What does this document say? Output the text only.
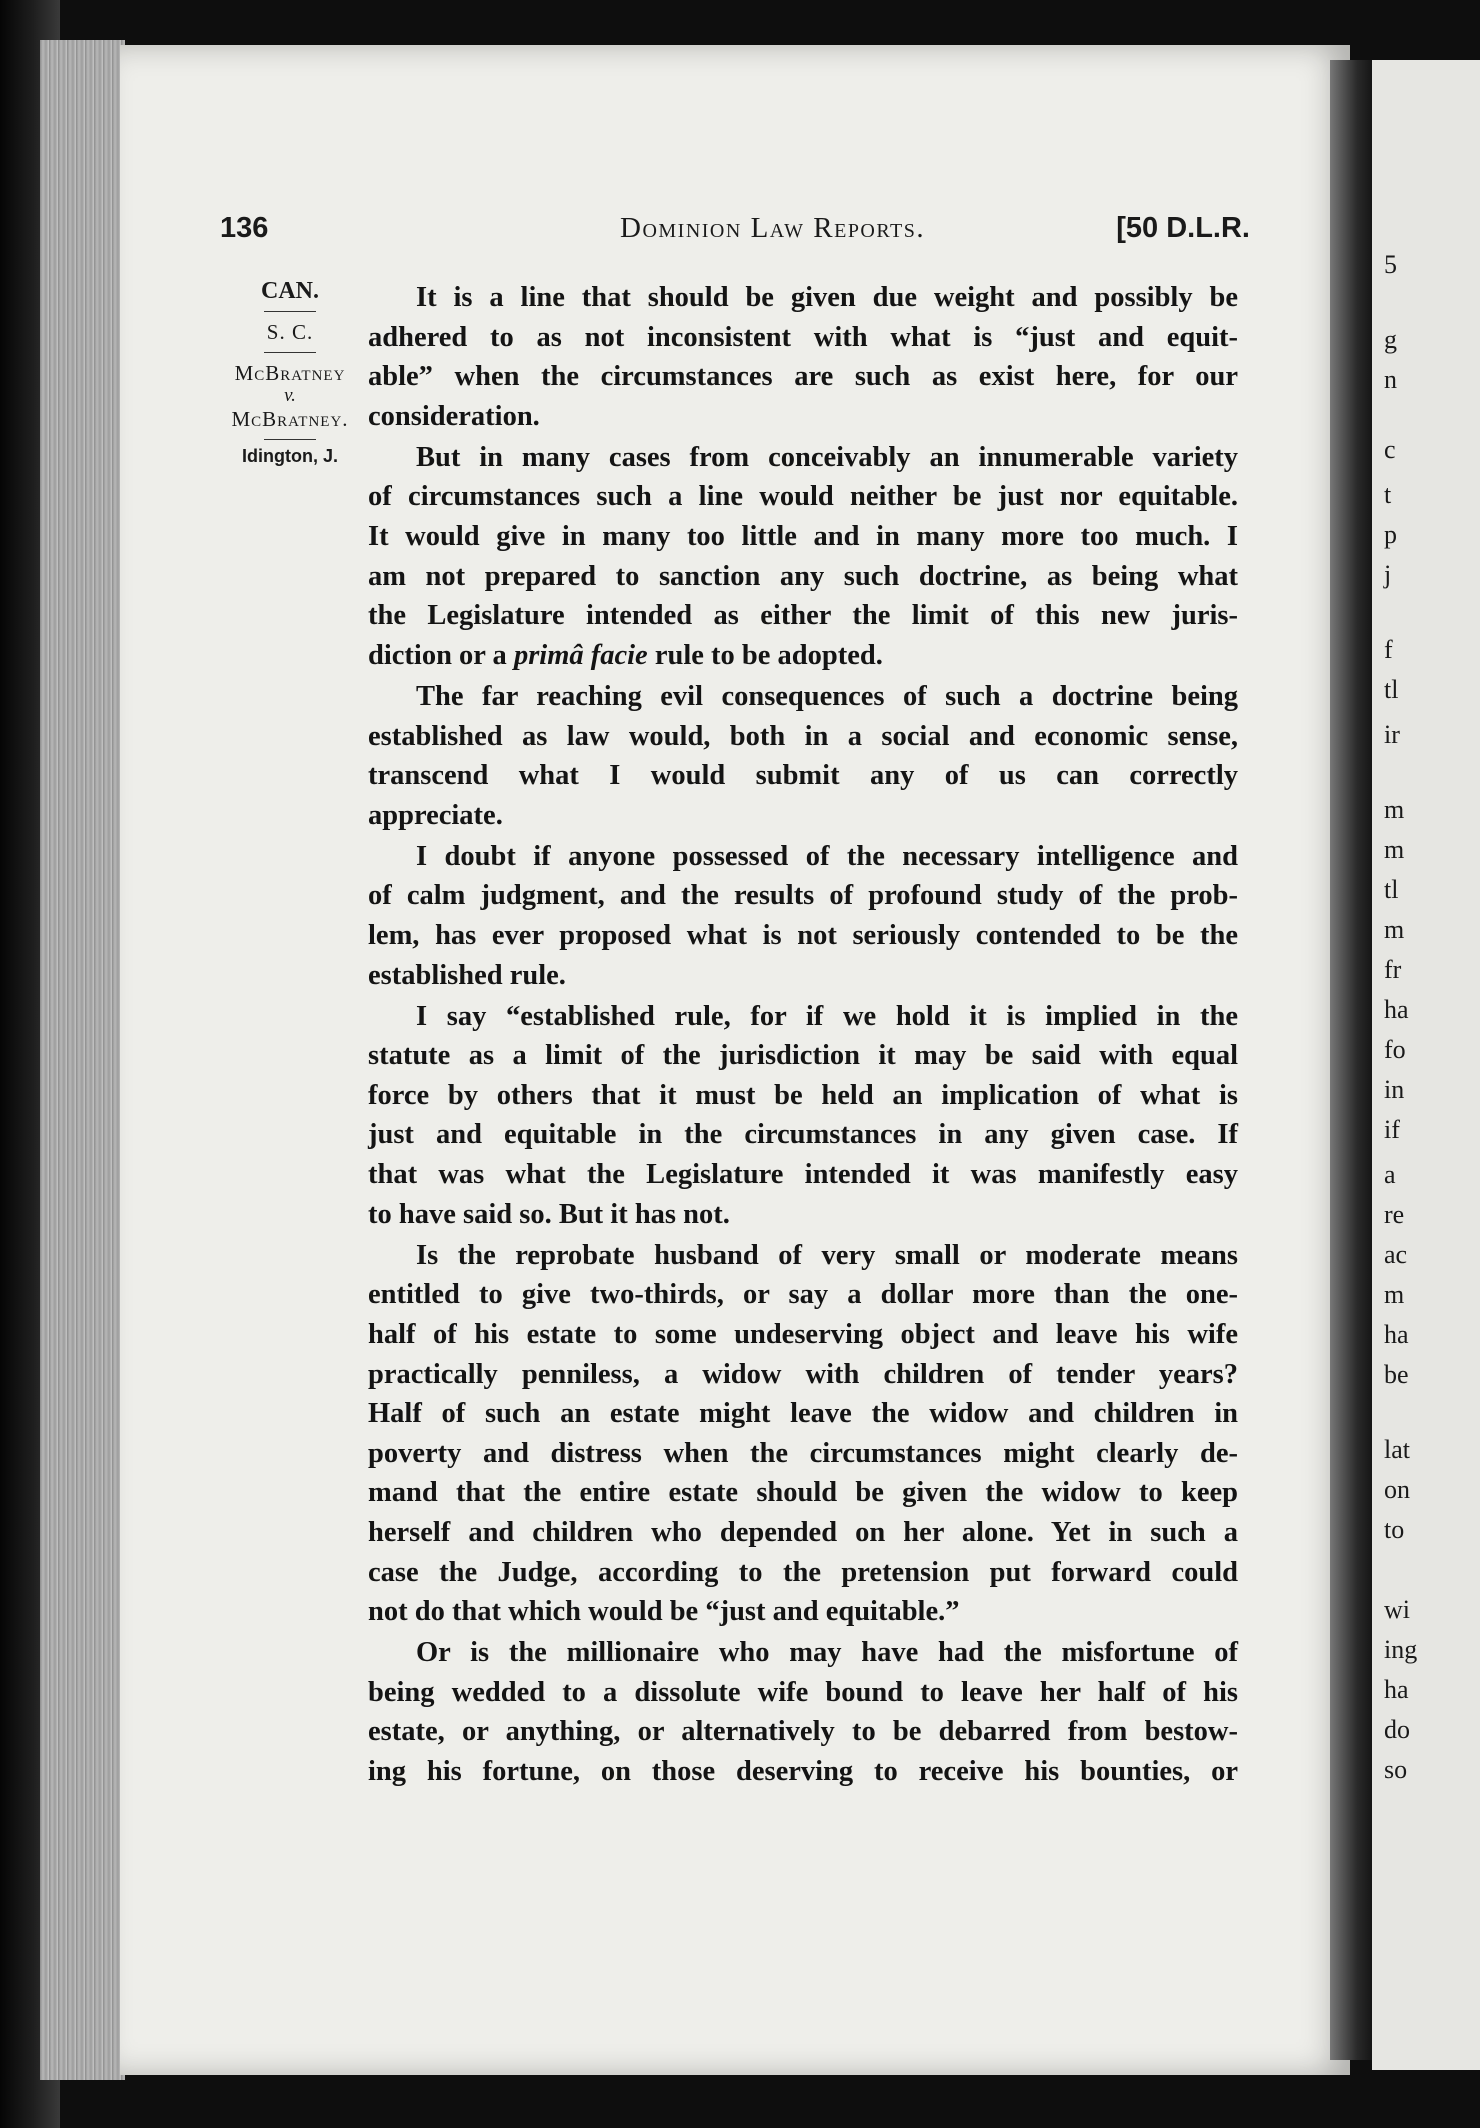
5
g
n
c
t
p
j
f
tl
ir
m
m
tl
m
fr
ha
fo
in
if
a
re
ac
m
ha
be
lat
on
to
wi
ing
ha
do
so
136	Dominion Law Reports.	[50 D.L.R.
CAN.
S. C.
McBratney
v.
McBratney.
Idington, J.

It is a line that should be given due weight and possibly be
adhered to as not inconsistent with what is “just and equit-
able” when the circumstances are such as exist here, for our
consideration.

But in many cases from conceivably an innumerable variety
of circumstances such a line would neither be just nor equitable.
It would give in many too little and in many more too much. I
am not prepared to sanction any such doctrine, as being what
the Legislature intended as either the limit of this new juris-
diction or a primâ facie rule to be adopted.

The far reaching evil consequences of such a doctrine being
established as law would, both in a social and economic sense,
transcend what I would submit any of us can correctly
appreciate.

I doubt if anyone possessed of the necessary intelligence and
of calm judgment, and the results of profound study of the prob-
lem, has ever proposed what is not seriously contended to be the
established rule.

I say “established rule, for if we hold it is implied in the
statute as a limit of the jurisdiction it may be said with equal
force by others that it must be held an implication of what is
just and equitable in the circumstances in any given case. If
that was what the Legislature intended it was manifestly easy
to have said so. But it has not.

Is the reprobate husband of very small or moderate means
entitled to give two-thirds, or say a dollar more than the one-
half of his estate to some undeserving object and leave his wife
practically penniless, a widow with children of tender years?
Half of such an estate might leave the widow and children in
poverty and distress when the circumstances might clearly de-
mand that the entire estate should be given the widow to keep
herself and children who depended on her alone. Yet in such a
case the Judge, according to the pretension put forward could
not do that which would be “just and equitable.”

Or is the millionaire who may have had the misfortune of
being wedded to a dissolute wife bound to leave her half of his
estate, or anything, or alternatively to be debarred from bestow-
ing his fortune, on those deserving to receive his bounties, or
